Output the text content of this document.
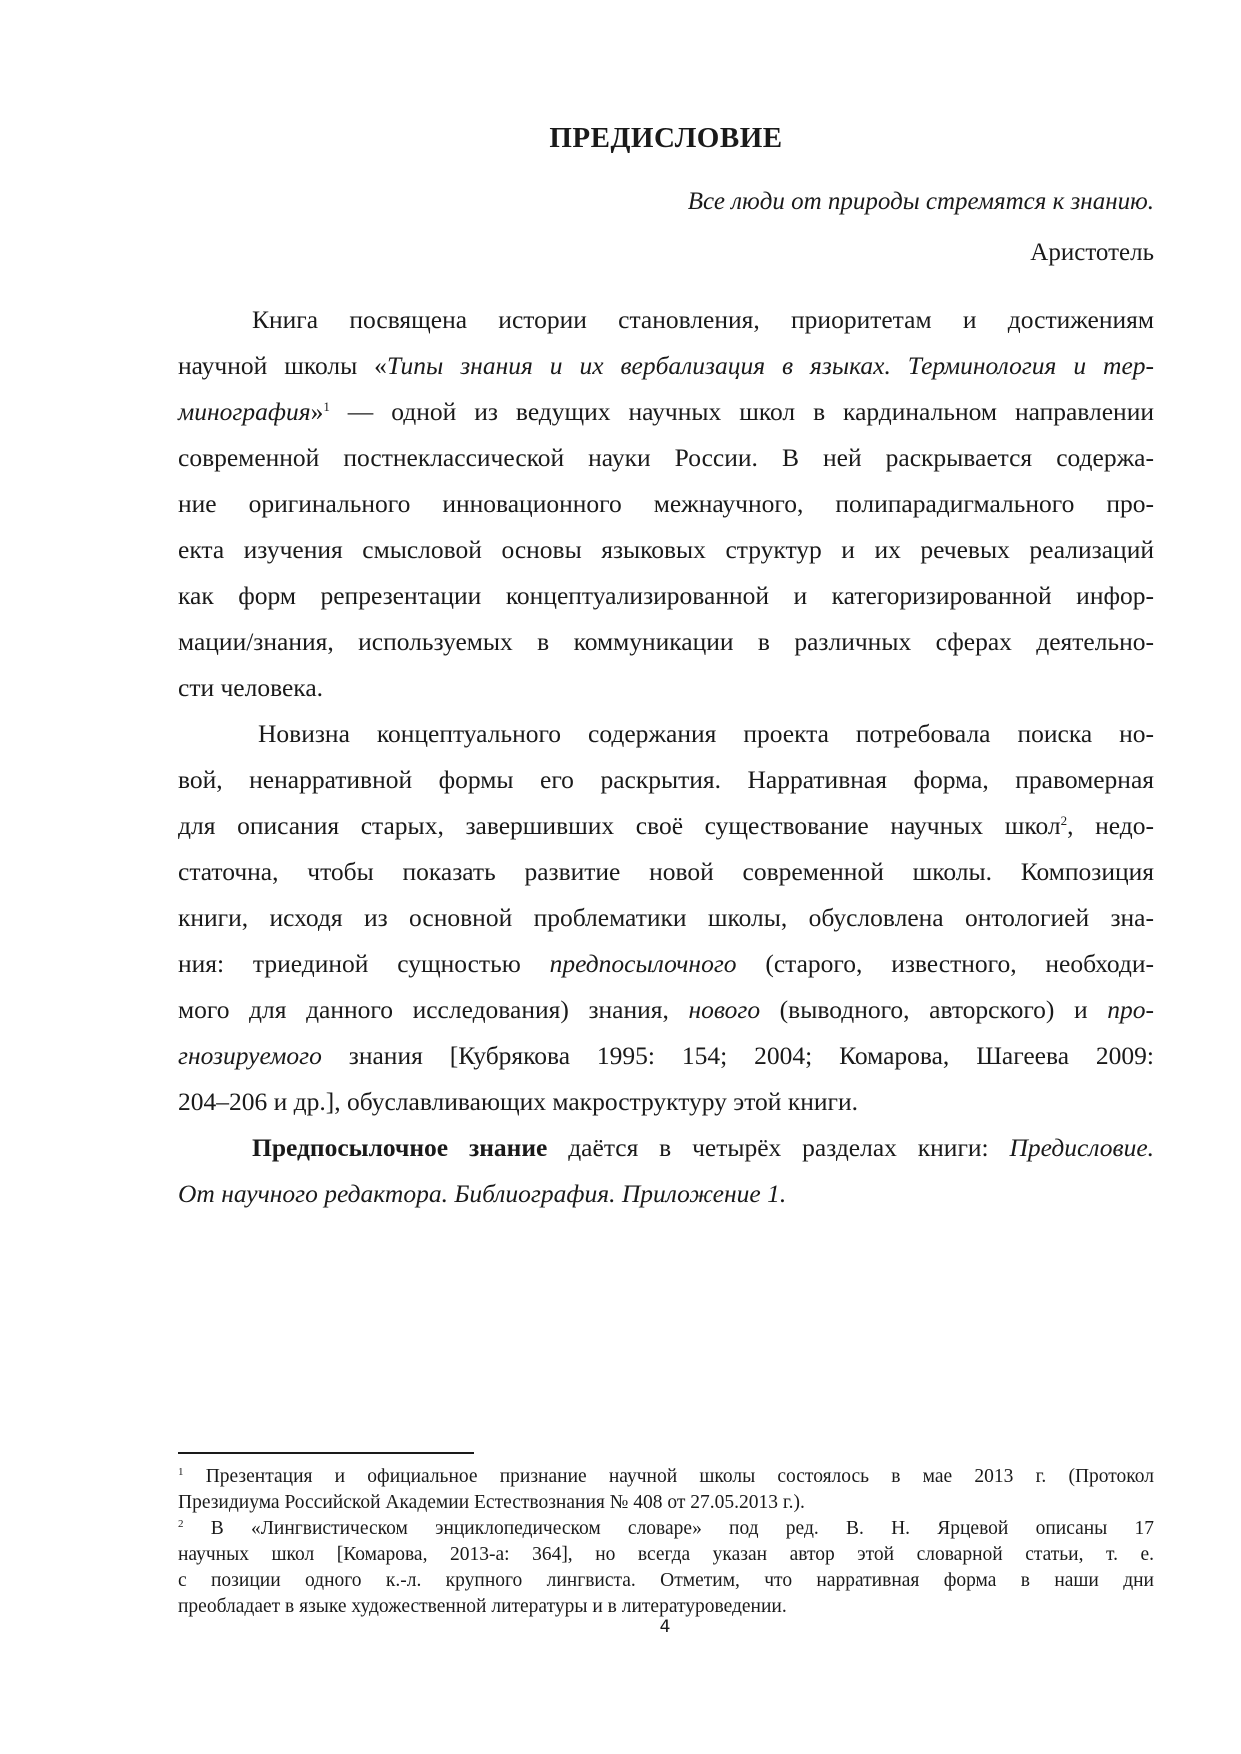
ПРЕДИСЛОВИЕ
Все люди от природы стремятся к знанию.
Аристотель
Книга посвящена истории становления, приоритетам и достижениям
научной школы «Типы знания и их вербализация в языках. Терминология и тер-
минография»$^1$ — одной из ведущих научных школ в кардинальном направлении
современной постнеклассической науки России. В ней раскрывается содержа-
ние оригинального инновационного межнаучного, полипарадигмального про-
екта изучения смысловой основы языковых структур и их речевых реализаций
как форм репрезентации концептуализированной и категоризированной инфор-
мации/знания, используемых в коммуникации в различных сферах деятельно-
сти человека.
Новизна концептуального содержания проекта потребовала поиска но-
вой, ненарративной формы его раскрытия. Нарративная форма, правомерная
для описания старых, завершивших своё существование научных школ$^2$, недо-
статочна, чтобы показать развитие новой современной школы. Композиция
книги, исходя из основной проблематики школы, обусловлена онтологией зна-
ния: триединой сущностью предпосылочного (старого, известного, необходи-
мого для данного исследования) знания, нового (выводного, авторского) и про-
гнозируемого знания [Кубрякова 1995: 154; 2004; Комарова, Шагеева 2009:
204–206 и др.], обуславливающих макроструктуру этой книги.
Предпосылочное знание даётся в четырёх разделах книги: Предисловие.
От научного редактора. Библиография. Приложение 1.
$^1$ Презентация и официальное признание научной школы состоялось в мае 2013 г. (Протокол
Президиума Российской Академии Естествознания № 408 от 27.05.2013 г.).
$^2$ В «Лингвистическом энциклопедическом словаре» под ред. В. Н. Ярцевой описаны 17
научных школ [Комарова, 2013-а: 364], но всегда указан автор этой словарной статьи, т. е.
с позиции одного к.-л. крупного лингвиста. Отметим, что нарративная форма в наши дни
преобладает в языке художественной литературы и в литературоведении.
4
